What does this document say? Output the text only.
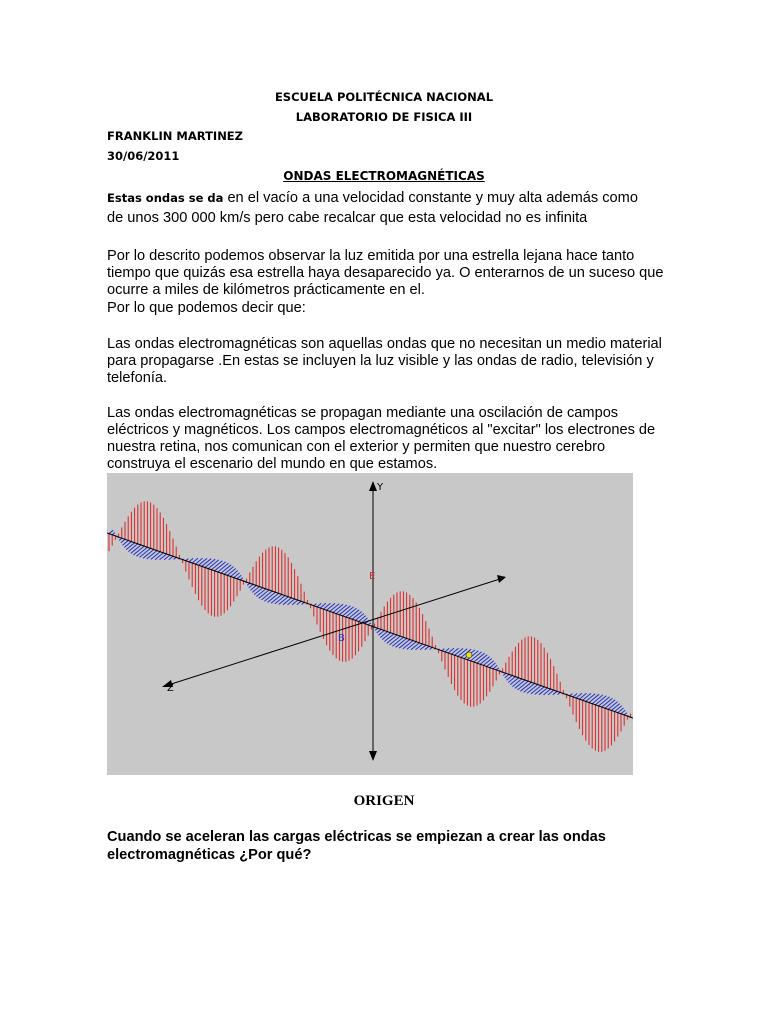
ESCUELA POLITÉCNICA NACIONAL
LABORATORIO DE FISICA III
FRANKLIN MARTINEZ
30/06/2011
ONDAS ELECTROMAGNÉTICAS
Estas ondas se da en el vacío a una velocidad constante y muy alta además como
de unos 300 000 km/s pero cabe recalcar que esta velocidad no es infinita

Por lo descrito podemos observar la luz emitida por una estrella lejana hace tanto tiempo que quizás esa estrella haya desaparecido ya. O enterarnos de un suceso que ocurre a miles de kilómetros prácticamente en el.

Por lo que podemos decir que:

Las ondas electromagnéticas son aquellas ondas que no necesitan un medio material para propagarse .En estas se incluyen la luz visible y las ondas de radio, televisión y telefonía.

Las ondas electromagnéticas se propagan mediante una oscilación de campos eléctricos y magnéticos. Los campos electromagnéticos al "excitar" los electrones de nuestra retina, nos comunican con el exterior y permiten que nuestro cerebro construya el escenario del mundo en que estamos.

Y
Z
E
B
ORIGEN

Cuando se aceleran las cargas eléctricas se empiezan a crear las ondas electromagnéticas ¿Por qué?
